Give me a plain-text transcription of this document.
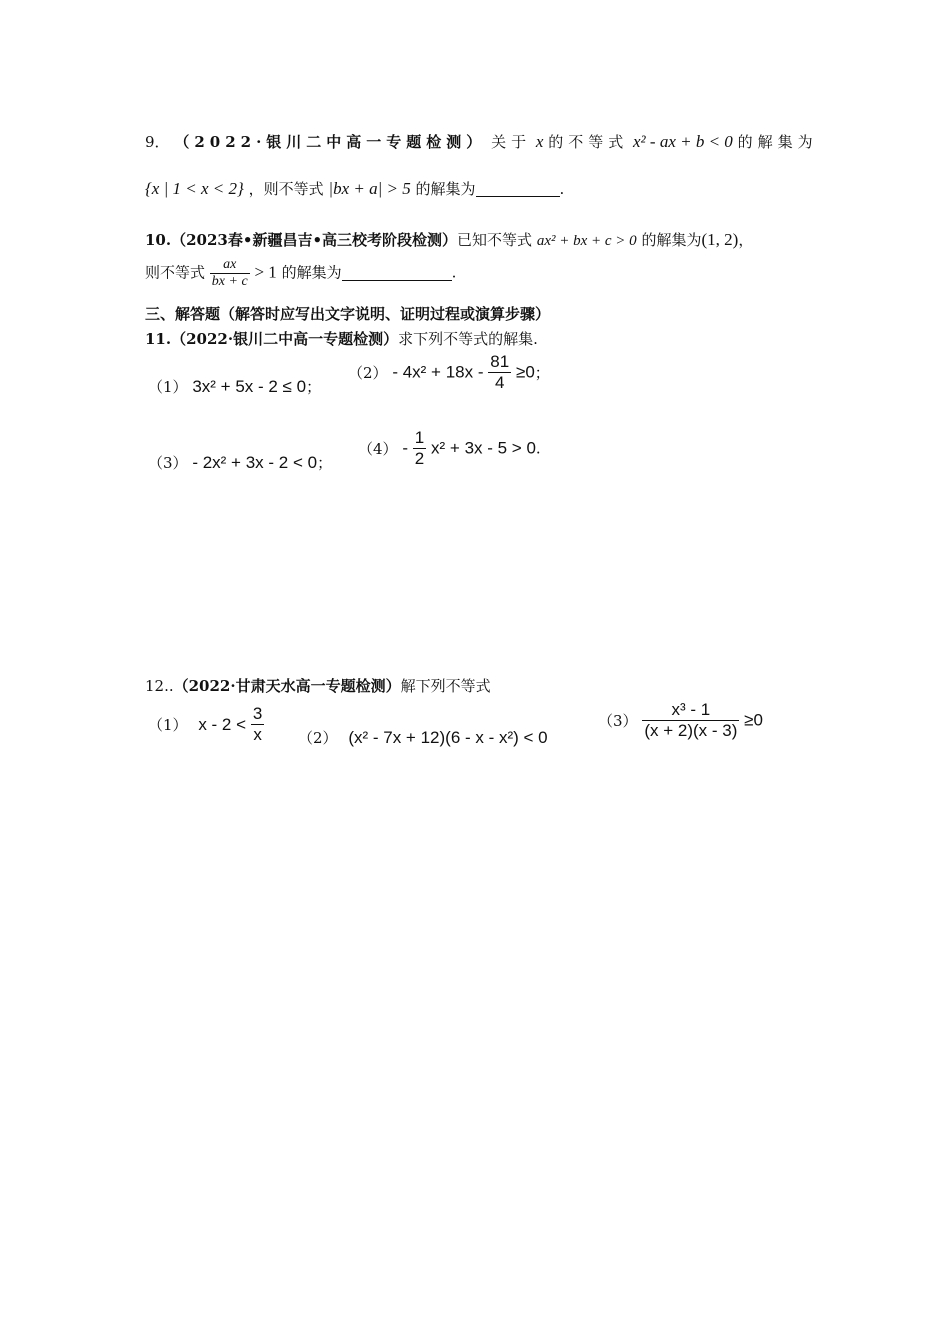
9． （2022·银川二中高一专题检测） 关于 x 的不等式 x² - ax + b < 0 的解集为
{x | 1 < x < 2} ，则不等式 |bx + a| > 5 的解集为	.
10.（2023春•新疆昌吉•高三校考阶段检测）已知不等式 ax² + bx + c > 0 的解集为(1, 2)，
则不等式 $\frac{ax}{bx + c} > 1$ 的解集为	.
三、解答题（解答时应写出文字说明、证明过程或演算步骤）
11.（2022·银川二中高一专题检测）求下列不等式的解集.
（1） 3x² + 5x - 2 ≤ 0；
$(2) - 4x^2 + 18x - \frac{81}{4} \ge 0$；
（3） - 2x² + 3x - 2 < 0；
$(4) - \frac{1}{2} x^2 + 3x - 5 > 0$.
12..（2022·甘肃天水高一专题检测）解下列不等式
（1） $x - 2 < \frac{3}{x} (2)$ (x² - 7x + 12)(6 - x - x²) < 0
$(3) \frac{\text{x³ - 1}}{(x + 2)(x - 3)} \ge 0$
